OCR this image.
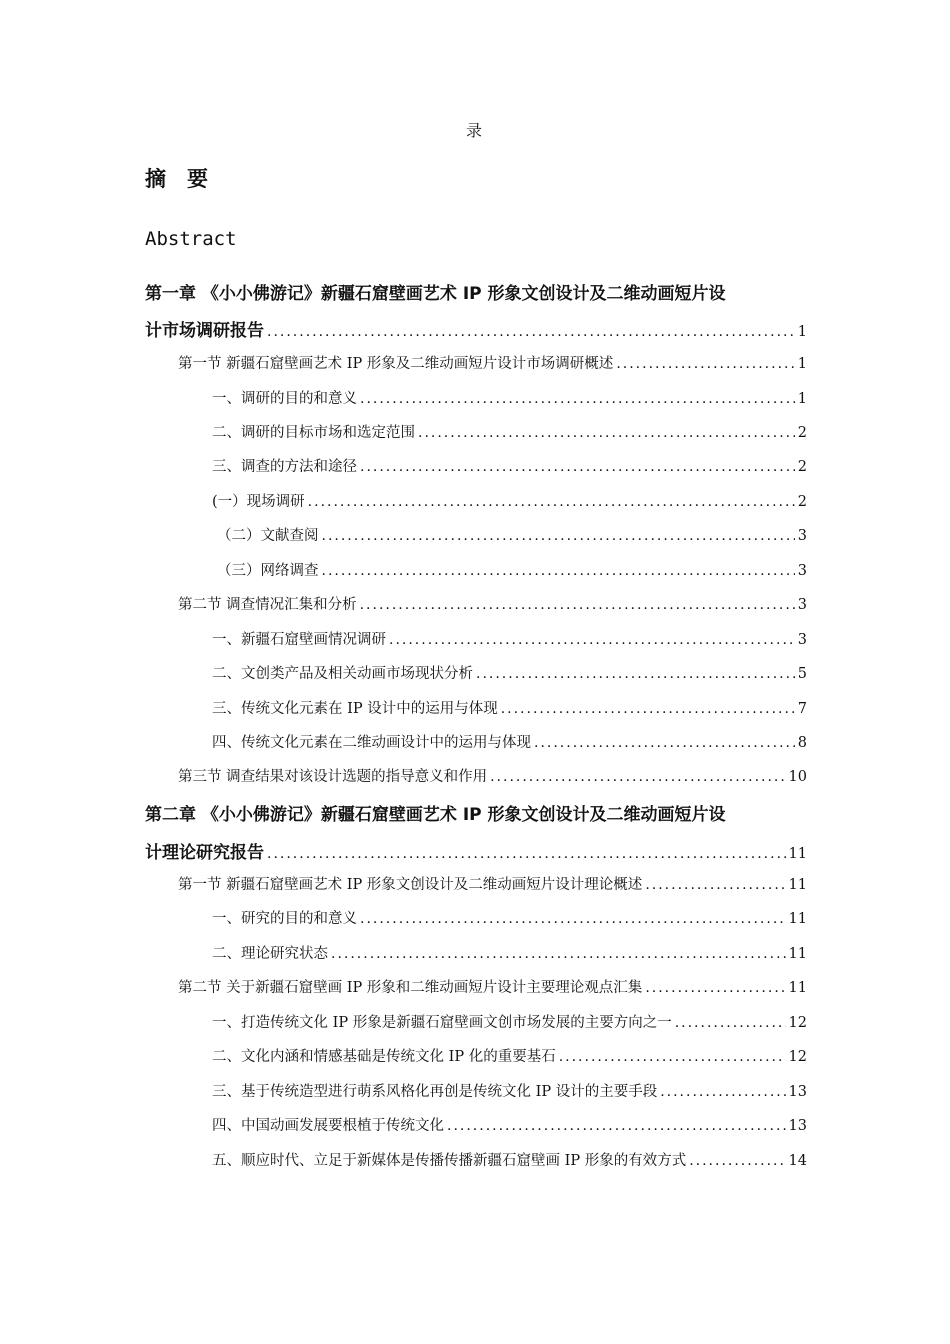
录
摘　要
Abstract
第一章 《小小佛游记》新疆石窟壁画艺术 IP 形象文创设计及二维动画短片设
计市场调研报告 .....	1
第一节 新疆石窟壁画艺术 IP 形象及二维动画短片设计市场调研概述 .....	1
一、调研的目的和意义 .....	1
二、调研的目标市场和选定范围 .....	2
三、调查的方法和途径 .....	2
(一）现场调研 .....	2
（二）文献查阅 .....	3
（三）网络调查 .....	3
第二节 调查情况汇集和分析 .....	3
一、新疆石窟壁画情况调研 .....	3
二、文创类产品及相关动画市场现状分析 .....	5
三、传统文化元素在 IP 设计中的运用与体现 .....	7
四、传统文化元素在二维动画设计中的运用与体现 .....	8
第三节 调查结果对该设计选题的指导意义和作用 .....	10
第二章 《小小佛游记》新疆石窟壁画艺术 IP 形象文创设计及二维动画短片设
计理论研究报告 .....	11
第一节 新疆石窟壁画艺术 IP 形象文创设计及二维动画短片设计理论概述 .....	11
一、研究的目的和意义 .....	11
二、理论研究状态 .....	11
第二节 关于新疆石窟壁画 IP 形象和二维动画短片设计主要理论观点汇集 .....	11
一、打造传统文化 IP 形象是新疆石窟壁画文创市场发展的主要方向之一 .....	12
二、文化内涵和情感基础是传统文化 IP 化的重要基石 .....	12
三、基于传统造型进行萌系风格化再创是传统文化 IP 设计的主要手段 .....	13
四、中国动画发展要根植于传统文化 .....	13
五、顺应时代、立足于新媒体是传播传播新疆石窟壁画 IP 形象的有效方式 .....	14
